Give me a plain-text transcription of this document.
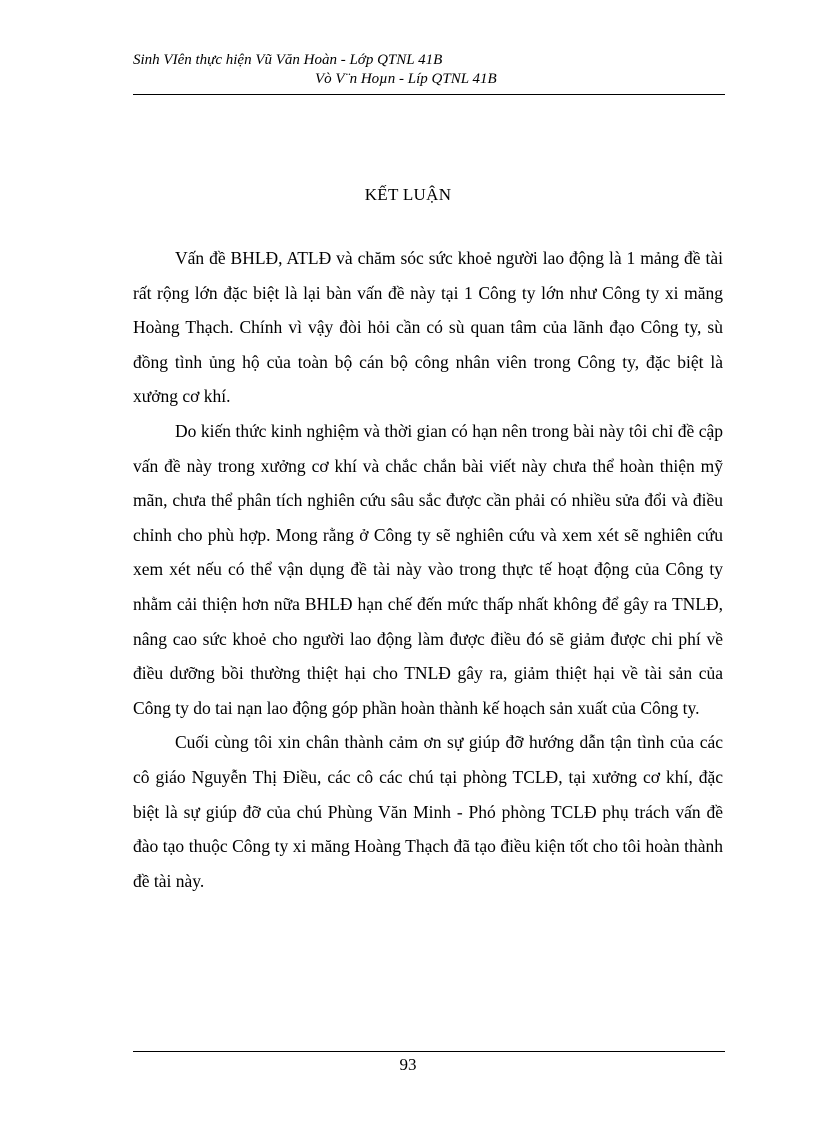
Sinh VIên thực hiện Vũ Văn Hoàn - Lớp QTNL 41B
Vò V¨n Hoµn - Líp QTNL 41B
KẾT LUẬN

Vấn đề BHLĐ, ATLĐ và chăm sóc sức khoẻ người lao động là 1 mảng đề tài rất rộng lớn đặc biệt là lại bàn vấn đề này tại 1 Công ty lớn như Công ty xi măng Hoàng Thạch. Chính vì vậy đòi hỏi cần có sù quan tâm của lãnh đạo Công ty, sù đồng tình ủng hộ của toàn bộ cán bộ công nhân viên trong Công ty, đặc biệt là xưởng cơ khí.

Do kiến thức kinh nghiệm và thời gian có hạn nên trong bài này tôi chỉ đề cập vấn đề này trong xưởng cơ khí và chắc chắn bài viết này chưa thể hoàn thiện mỹ mãn, chưa thể phân tích nghiên cứu sâu sắc được cần phải có nhiều sửa đổi và điều chỉnh cho phù hợp. Mong rằng ở Công ty sẽ nghiên cứu và xem xét sẽ nghiên cứu xem xét nếu có thể vận dụng đề tài này vào trong thực tế hoạt động của Công ty nhằm cải thiện hơn nữa BHLĐ hạn chế đến mức thấp nhất không để gây ra TNLĐ, nâng cao sức khoẻ cho người lao động làm được điều đó sẽ giảm được chi phí về điều dưỡng bồi thường thiệt hại cho TNLĐ gây ra, giảm thiệt hại về tài sản của Công ty do tai nạn lao động góp phần hoàn thành kế hoạch sản xuất của Công ty.

Cuối cùng tôi xin chân thành cảm ơn sự giúp đỡ hướng dẫn tận tình của các cô giáo Nguyễn Thị Điều, các cô các chú tại phòng TCLĐ, tại xưởng cơ khí, đặc biệt là sự giúp đỡ của chú Phùng Văn Minh - Phó phòng TCLĐ phụ trách vấn đề đào tạo thuộc Công ty xi măng Hoàng Thạch đã tạo điều kiện tốt cho tôi hoàn thành đề tài này.

93
